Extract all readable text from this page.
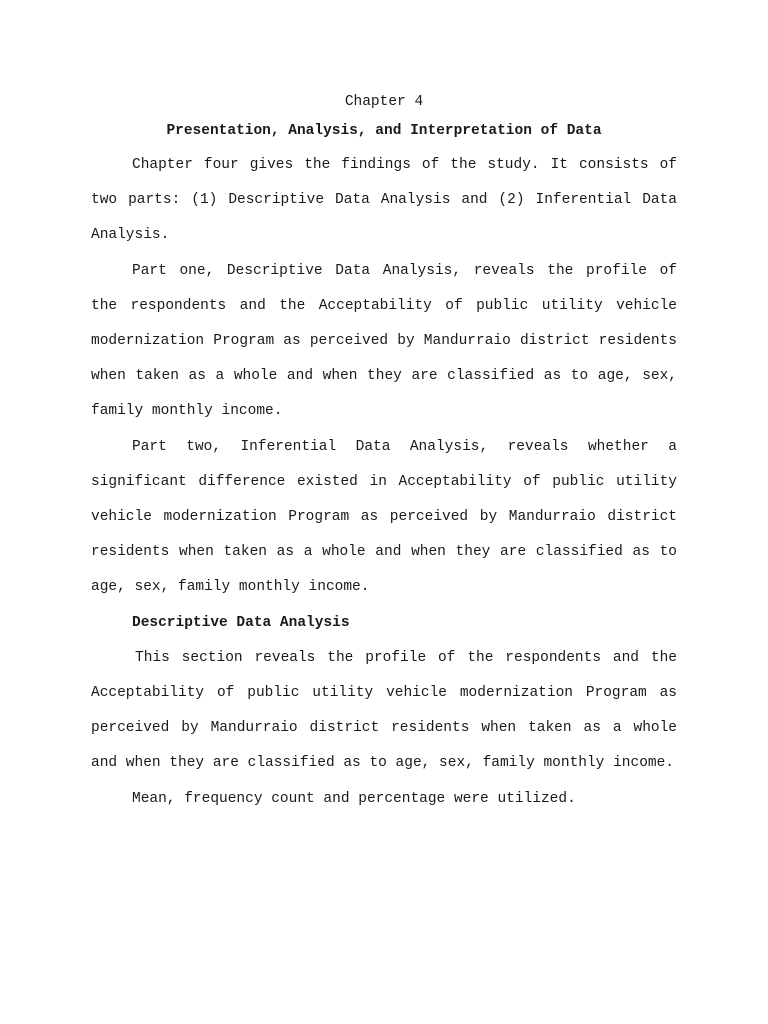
Chapter 4
Presentation, Analysis, and Interpretation of Data

Chapter four gives the findings of the study. It consists of two parts: (1) Descriptive Data Analysis and (2) Inferential Data Analysis.

Part one, Descriptive Data Analysis, reveals the profile of the respondents and the Acceptability of public utility vehicle modernization Program as perceived by Mandurraio district residents when taken as a whole and when they are classified as to age, sex, family monthly income.

Part two, Inferential Data Analysis, reveals whether a significant difference existed in Acceptability of public utility vehicle modernization Program as perceived by Mandurraio district residents when taken as a whole and when they are classified as to age, sex, family monthly income.

Descriptive Data Analysis

This section reveals the profile of the respondents and the Acceptability of public utility vehicle modernization Program as perceived by Mandurraio district residents when taken as a whole and when they are classified as to age, sex, family monthly income.

Mean, frequency count and percentage were utilized.
